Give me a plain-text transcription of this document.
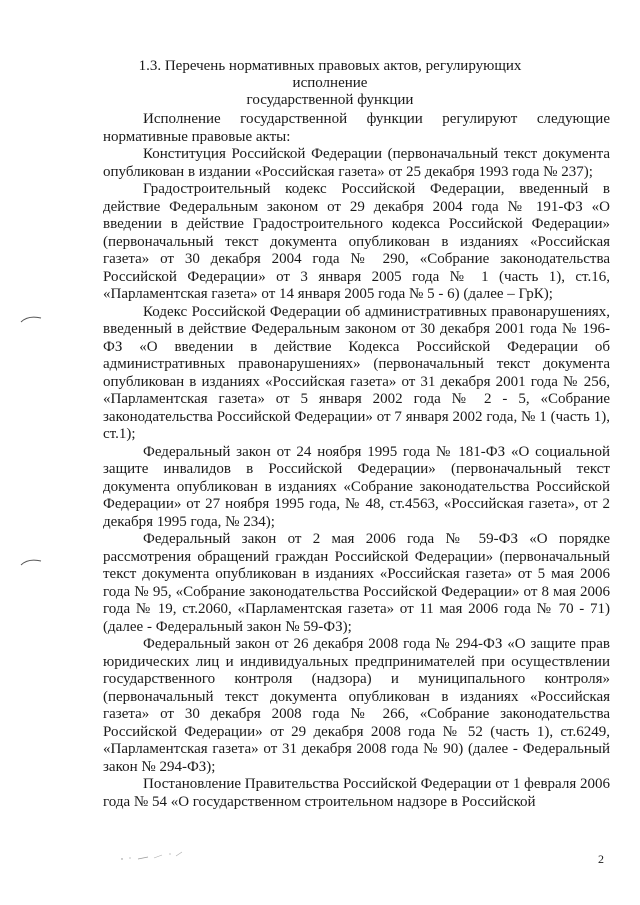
1.3. Перечень нормативных правовых актов, регулирующих исполнение
государственной функции

Исполнение государственной функции регулируют следующие нормативные правовые акты:

Конституция Российской Федерации (первоначальный текст документа опубликован в издании «Российская газета» от 25 декабря 1993 года № 237);

Градостроительный кодекс Российской Федерации, введенный в действие Федеральным законом от 29 декабря 2004 года № 191-ФЗ «О введении в действие Градостроительного кодекса Российской Федерации» (первоначальный текст документа опубликован в изданиях «Российская газета» от 30 декабря 2004 года № 290, «Собрание законодательства Российской Федерации» от 3 января 2005 года № 1 (часть 1), ст.16, «Парламентская газета» от 14 января 2005 года № 5 - 6) (далее – ГрК);

Кодекс Российской Федерации об административных правонарушениях, введенный в действие Федеральным законом от 30 декабря 2001 года № 196-ФЗ «О введении в действие Кодекса Российской Федерации об административных правонарушениях» (первоначальный текст документа опубликован в изданиях «Российская газета» от 31 декабря 2001 года № 256, «Парламентская газета» от 5 января 2002 года № 2 - 5, «Собрание законодательства Российской Федерации» от 7 января 2002 года, № 1 (часть 1), ст.1);

Федеральный закон от 24 ноября 1995 года № 181-ФЗ «О социальной защите инвалидов в Российской Федерации» (первоначальный текст документа опубликован в изданиях «Собрание законодательства Российской Федерации» от 27 ноября 1995 года, № 48, ст.4563, «Российская газета», от 2 декабря 1995 года, № 234);

Федеральный закон от 2 мая 2006 года № 59-ФЗ «О порядке рассмотрения обращений граждан Российской Федерации» (первоначальный текст документа опубликован в изданиях «Российская газета» от 5 мая 2006 года № 95, «Собрание законодательства Российской Федерации» от 8 мая 2006 года № 19, ст.2060, «Парламентская газета» от 11 мая 2006 года № 70 - 71) (далее - Федеральный закон № 59-ФЗ);

Федеральный закон от 26 декабря 2008 года № 294-ФЗ «О защите прав юридических лиц и индивидуальных предпринимателей при осуществлении государственного контроля (надзора) и муниципального контроля» (первоначальный текст документа опубликован в изданиях «Российская газета» от 30 декабря 2008 года № 266, «Собрание законодательства Российской Федерации» от 29 декабря 2008 года № 52 (часть 1), ст.6249, «Парламентская газета» от 31 декабря 2008 года № 90) (далее - Федеральный закон № 294-ФЗ);

Постановление Правительства Российской Федерации от 1 февраля 2006 года № 54 «О государственном строительном надзоре в Российской

2
